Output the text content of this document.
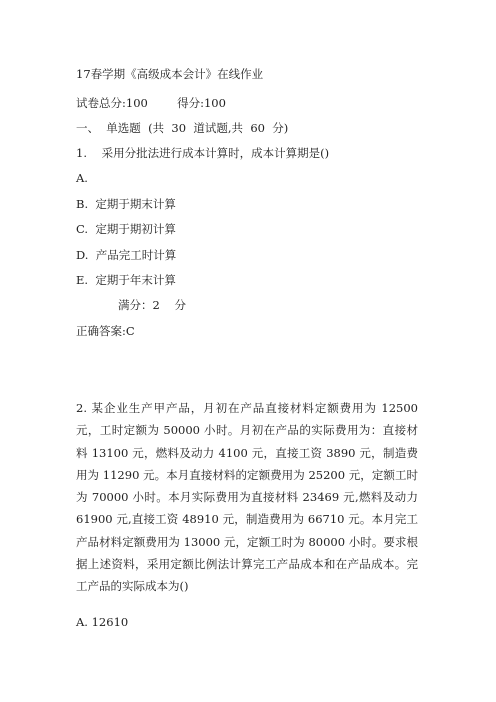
17春学期《高级成本会计》在线作业
试卷总分:100        得分:100
一、  单选题  (共  30  道试题,共  60  分)
1.    采用分批法进行成本计算时，成本计算期是()
A.
B.  定期于期末计算
C.  定期于期初计算
D.  产品完工时计算
E.  定期于年末计算
满分：2    分
正确答案:C
2. 某企业生产甲产品，月初在产品直接材料定额费用为 12500 元，工时定额为 50000 小时。月初在产品的实际费用为：直接材料 13100 元，燃料及动力 4100 元，直接工资 3890 元，制造费用为 11290 元。本月直接材料的定额费用为 25200 元，定额工时为 70000 小时。本月实际费用为直接材料 23469 元,燃料及动力 61900 元,直接工资 48910 元，制造费用为 66710 元。本月完工产品材料定额费用为 13000 元，定额工时为 80000 小时。要求根据上述资料，采用定额比例法计算完工产品成本和在产品成本。完工产品的实际成本为()
A. 12610
